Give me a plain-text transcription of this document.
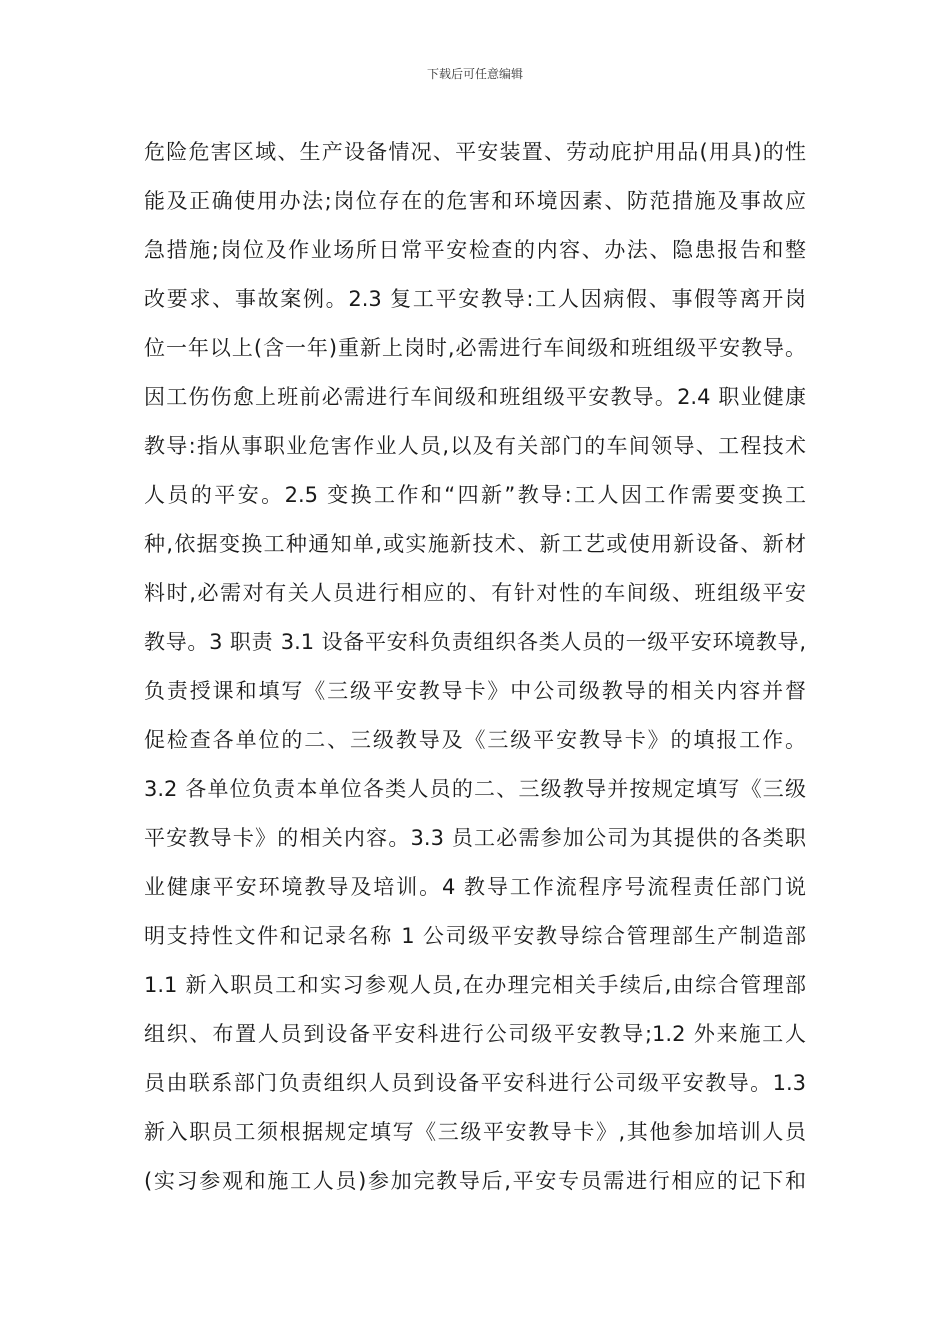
下载后可任意编辑
危险危害区域、生产设备情况、平安装置、劳动庇护用品(用具)的性
能及正确使用办法;岗位存在的危害和环境因素、防范措施及事故应
急措施;岗位及作业场所日常平安检查的内容、办法、隐患报告和整
改要求、事故案例。2.3 复工平安教导:工人因病假、事假等离开岗
位一年以上(含一年)重新上岗时,必需进行车间级和班组级平安教导。
因工伤伤愈上班前必需进行车间级和班组级平安教导。2.4 职业健康
教导:指从事职业危害作业人员,以及有关部门的车间领导、工程技术
人员的平安。2.5 变换工作和“四新”教导:工人因工作需要变换工
种,依据变换工种通知单,或实施新技术、新工艺或使用新设备、新材
料时,必需对有关人员进行相应的、有针对性的车间级、班组级平安
教导。3 职责 3.1 设备平安科负责组织各类人员的一级平安环境教导,
负责授课和填写《三级平安教导卡》中公司级教导的相关内容并督
促检查各单位的二、三级教导及《三级平安教导卡》的填报工作。
3.2 各单位负责本单位各类人员的二、三级教导并按规定填写《三级
平安教导卡》的相关内容。3.3 员工必需参加公司为其提供的各类职
业健康平安环境教导及培训。4 教导工作流程序号流程责任部门说
明支持性文件和记录名称 1 公司级平安教导综合管理部生产制造部
1.1 新入职员工和实习参观人员,在办理完相关手续后,由综合管理部
组织、布置人员到设备平安科进行公司级平安教导;1.2 外来施工人
员由联系部门负责组织人员到设备平安科进行公司级平安教导。1.3
新入职员工须根据规定填写《三级平安教导卡》,其他参加培训人员
(实习参观和施工人员)参加完教导后,平安专员需进行相应的记下和
